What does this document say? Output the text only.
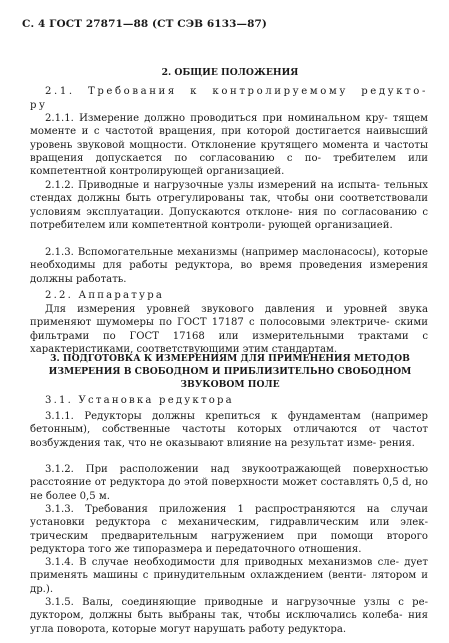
С. 4 ГОСТ 27871—88 (СТ СЭВ 6133—87)
2. ОБЩИЕ ПОЛОЖЕНИЯ
2.1. Требования к контролируемому редукто-
ру
2.1.1. Измерение должно проводиться при номинальном кру- тящем моменте и с частотой вращения, при которой достигается наивысший уровень звуковой мощности. Отклонение крутящего момента и частоты вращения допускается по согласованию с по- требителем или компетентной контролирующей организацией.
2.1.2. Приводные и нагрузочные узлы измерений на испыта- тельных стендах должны быть отрегулированы так, чтобы они соответствовали условиям эксплуатации. Допускаются отклоне- ния по согласованию с потребителем или компетентной контроли- рующей организацией.
2.1.3. Вспомогательные механизмы (например маслонасосы), которые необходимы для работы редуктора, во время проведения измерения должны работать.
2.2. Аппаратура
Для измерения уровней звукового давления и уровней звука применяют шумомеры по ГОСТ 17187 с полосовыми электриче- скими фильтрами по ГОСТ 17168 или измерительными трактами с характеристиками, соответствующими этим стандартам.
3. ПОДГОТОВКА К ИЗМЕРЕНИЯМ ДЛЯ ПРИМЕНЕНИЯ МЕТОДОВ
ИЗМЕРЕНИЯ В СВОБОДНОМ И ПРИБЛИЗИТЕЛЬНО СВОБОДНОМ
ЗВУКОВОМ ПОЛЕ
3.1. Установка редуктора
3.1.1. Редукторы должны крепиться к фундаментам (например бетонным), собственные частоты которых отличаются от частот возбуждения так, что не оказывают влияние на результат изме- рения.
3.1.2. При расположении над звукоотражающей поверхностью расстояние от редуктора до этой поверхности может составлять 0,5 d, но не более 0,5 м.
3.1.3. Требования приложения 1 распространяются на случаи установки редуктора с механическим, гидравлическим или элек- трическим предварительным нагружением при помощи второго редуктора того же типоразмера и передаточного отношения.
3.1.4. В случае необходимости для приводных механизмов сле- дует применять машины с принудительным охлаждением (венти- лятором и др.).
3.1.5. Валы, соединяющие приводные и нагрузочные узлы с ре- дуктором, должны быть выбраны так, чтобы исключались колеба- ния угла поворота, которые могут нарушать работу редуктора.
